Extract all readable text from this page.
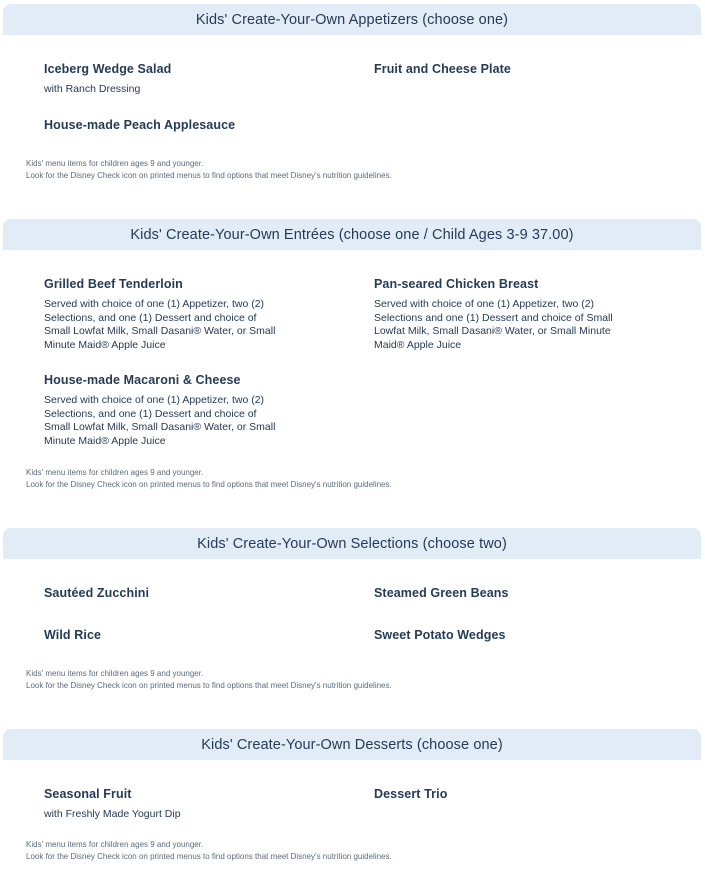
Kids' Create-Your-Own Appetizers (choose one)
Iceberg Wedge Salad
with Ranch Dressing
Fruit and Cheese Plate
House-made Peach Applesauce
Kids' menu items for children ages 9 and younger.
Look for the Disney Check icon on printed menus to find options that meet Disney's nutrition guidelines.
Kids' Create-Your-Own Entrées (choose one / Child Ages 3-9 37.00)
Grilled Beef Tenderloin
Served with choice of one (1) Appetizer, two (2) Selections, and one (1) Dessert and choice of Small Lowfat Milk, Small Dasani® Water, or Small Minute Maid® Apple Juice
Pan-seared Chicken Breast
Served with choice of one (1) Appetizer, two (2) Selections and one (1) Dessert and choice of Small Lowfat Milk, Small Dasani® Water, or Small Minute Maid® Apple Juice
House-made Macaroni & Cheese
Served with choice of one (1) Appetizer, two (2) Selections, and one (1) Dessert and choice of Small Lowfat Milk, Small Dasani® Water, or Small Minute Maid® Apple Juice
Kids' menu items for children ages 9 and younger.
Look for the Disney Check icon on printed menus to find options that meet Disney's nutrition guidelines.
Kids' Create-Your-Own Selections (choose two)
Sautéed Zucchini	Steamed Green Beans
Wild Rice	Sweet Potato Wedges
Kids' menu items for children ages 9 and younger.
Look for the Disney Check icon on printed menus to find options that meet Disney's nutrition guidelines.
Kids' Create-Your-Own Desserts (choose one)
Seasonal Fruit
with Freshly Made Yogurt Dip
Dessert Trio
Kids' menu items for children ages 9 and younger.
Look for the Disney Check icon on printed menus to find options that meet Disney's nutrition guidelines.
